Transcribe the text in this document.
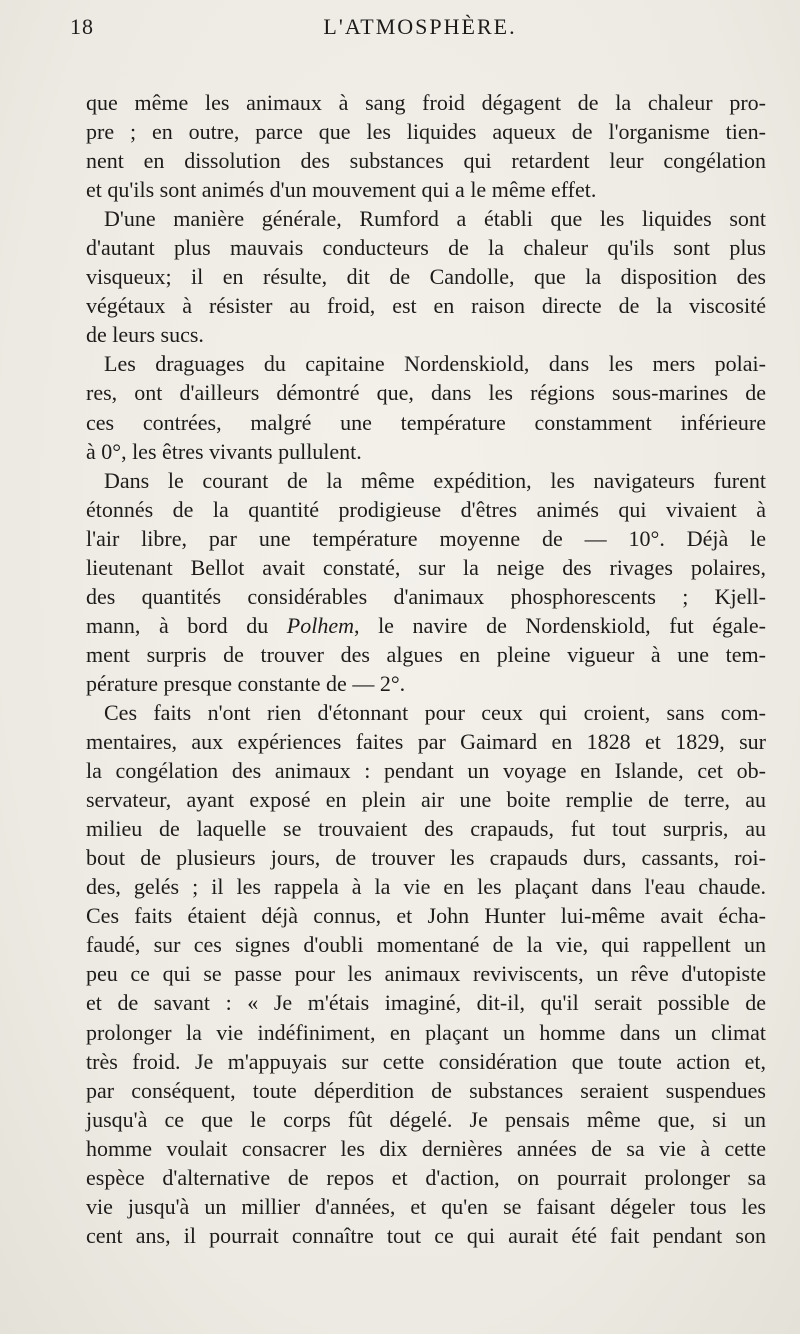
18	L'ATMOSPHÈRE.
que même les animaux à sang froid dégagent de la chaleur pro-
pre ; en outre, parce que les liquides aqueux de l'organisme tien-
nent en dissolution des substances qui retardent leur congélation
et qu'ils sont animés d'un mouvement qui a le même effet.
D'une manière générale, Rumford a établi que les liquides sont
d'autant plus mauvais conducteurs de la chaleur qu'ils sont plus
visqueux; il en résulte, dit de Candolle, que la disposition des
végétaux à résister au froid, est en raison directe de la viscosité
de leurs sucs.
Les draguages du capitaine Nordenskiold, dans les mers polai-
res, ont d'ailleurs démontré que, dans les régions sous-marines de
ces contrées, malgré une température constamment inférieure
à 0°, les êtres vivants pullulent.
Dans le courant de la même expédition, les navigateurs furent
étonnés de la quantité prodigieuse d'êtres animés qui vivaient à
l'air libre, par une température moyenne de — 10°. Déjà le
lieutenant Bellot avait constaté, sur la neige des rivages polaires,
des quantités considérables d'animaux phosphorescents ; Kjell-
mann, à bord du Polhem, le navire de Nordenskiold, fut égale-
ment surpris de trouver des algues en pleine vigueur à une tem-
pérature presque constante de — 2°.
Ces faits n'ont rien d'étonnant pour ceux qui croient, sans com-
mentaires, aux expériences faites par Gaimard en 1828 et 1829, sur
la congélation des animaux : pendant un voyage en Islande, cet ob-
servateur, ayant exposé en plein air une boite remplie de terre, au
milieu de laquelle se trouvaient des crapauds, fut tout surpris, au
bout de plusieurs jours, de trouver les crapauds durs, cassants, roi-
des, gelés ; il les rappela à la vie en les plaçant dans l'eau chaude.
Ces faits étaient déjà connus, et John Hunter lui-même avait écha-
faudé, sur ces signes d'oubli momentané de la vie, qui rappellent un
peu ce qui se passe pour les animaux reviviscents, un rêve d'utopiste
et de savant : « Je m'étais imaginé, dit-il, qu'il serait possible de
prolonger la vie indéfiniment, en plaçant un homme dans un climat
très froid. Je m'appuyais sur cette considération que toute action et,
par conséquent, toute déperdition de substances seraient suspendues
jusqu'à ce que le corps fût dégelé. Je pensais même que, si un
homme voulait consacrer les dix dernières années de sa vie à cette
espèce d'alternative de repos et d'action, on pourrait prolonger sa
vie jusqu'à un millier d'années, et qu'en se faisant dégeler tous les
cent ans, il pourrait connaître tout ce qui aurait été fait pendant son
